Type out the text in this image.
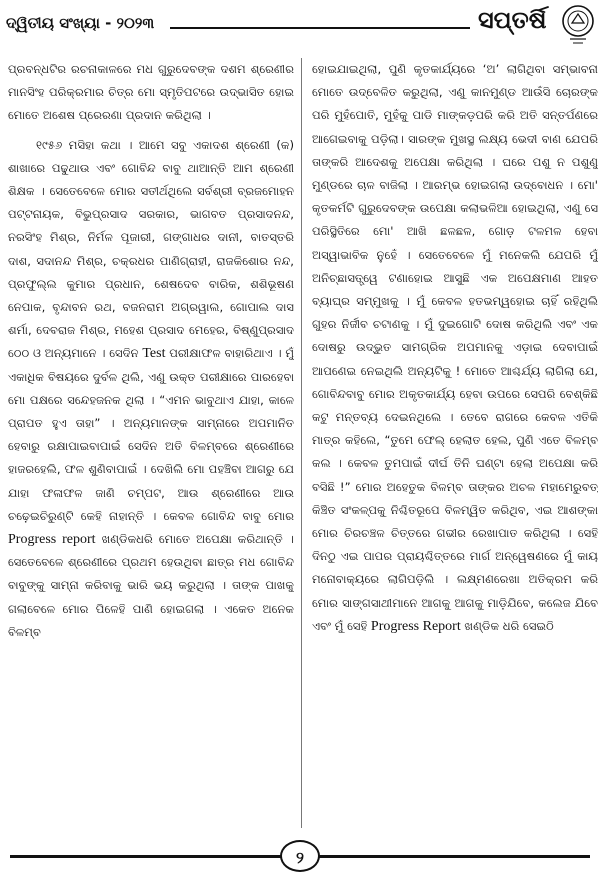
ଦ୍ୱିତୀୟ ସଂଖ୍ୟା - ୨୦୨୩	ସପ୍ତର୍ଷି

ପ୍ରବନ୍ଧଟିର ରଚନାକାଳରେ ମଧ ଗୁରୁଦେବଙ୍କ ଦଶମ ଶ୍ରେଣୀର ମାନସିଂହ ପରିକ୍ରମାର ଚିତ୍ର ମୋ ସ୍ମୃତିପଟରେ ଉଦ୍‌ଭାସିତ ହୋଇ ମୋତେ ଅଶେଷ ପ୍ରେରଣା ପ୍ରଦାନ କରିଥିଲା ।

୧୯୫୬ ମସିହା କଥା । ଆମେ ସବୁ ଏକାଦଶ ଶ୍ରେଣୀ (କ) ଶାଖାରେ ପଢୁଥାଉ ଏବଂ ଗୋବିନ୍ଦ ବାବୁ ଥାଆନ୍ତି ଆମ ଶ୍ରେଣୀ ଶିକ୍ଷକ । ସେତେବେଳେ ମୋର ସତୀର୍ଥଥିଲେ ସର୍ବଶ୍ରୀ ବ୍ରଜମୋହନ ପଟ୍ଟନାୟକ, ବିଭୁପ୍ରସାଦ ସରକାର, ଭାଗବତ ପ୍ରସାଦନନ୍ଦ, ନରସିଂହ ମିଶ୍ର, ନିର୍ମଳ ପୂଜାରୀ, ଗଙ୍ଗାଧର ଦାନୀ, ବାତସ୍ତରି ଦାଶ, ସଦାନନ୍ଦ ମିଶ୍ର, ଚକ୍ରଧର ପାଣିଗ୍ରାହୀ, ରାଜକିଶୋର ନନ୍ଦ, ପ୍ରଫୁଲ୍ଲ କୁମାର ପ୍ରଧାନ, ଶେଷଦେବ ବାରିକ, ଶଶିଭୂଷଣ ନେପାକ, ବୃନ୍ଦାବନ ରଥ, ବଜନରାମ ଅଗ୍ରୱାଲ, ଗୋପାଲ ଦାସ ଶର୍ମା, ଦେବରାଜ ମିଶ୍ର, ମହେଶ ପ୍ରସାଦ ମେହେର, ବିଷ୍ଣୁପ୍ରସାଦ ଠେଠ ଓ ଅନ୍ୟମାନେ । ସେଦିନ Test ପରୀକ୍ଷାଫଳ ବାହାରିଥାଏ । ମୁଁ ଏକାଧିକ ବିଷୟରେ ଦୁର୍ବଳ ଥିଲି, ଏଣୁ ଉକ୍ତ ପରୀକ୍ଷାରେ ପାରହେବା ମୋ ପକ୍ଷରେ ସନ୍ଦେହଜନକ ଥିଲା । “ଏମନ ଭାବୁଥାଏ ଯାହା, କାଳେ ପ୍ରାପତ ହୁଏ ତାହା” । ଅନ୍ୟମାନଙ୍କ ସାମ୍ନାରେ ଅପମାନିତ ହେବାରୁ ରକ୍ଷାପାଇବାପାଇଁ ସେଦିନ ଅତି ବିଳମ୍ବରେ ଶ୍ରେଣୀରେ ହାଜରହେଲି, ଫଳ ଶୁଣିବାପାଇଁ । ଦେଖିଲି ମୋ ପହଞ୍ଚିବା ଆଗରୁ ଯେ ଯାହା ଫଳାଫଳ ଜାଣି ଚମ୍ପଟ, ଆଉ ଶ୍ରେଣୀରେ ଆଉ ଚଢ଼େଇଚିରୁଣ୍ଟି କେହି ନାହାନ୍ତି । କେବଳ ଗୋବିନ୍ଦ ବାବୁ ମୋର Progress report ଖଣ୍ଡିକଧରି ମୋତେ ଅପେକ୍ଷା କରିଥାନ୍ତି । ସେତେବେଳେ ଶ୍ରେଣୀରେ ପ୍ରଥମ ହେଉଥିବା ଛାତ୍ର ମଧ ଗୋବିନ୍ଦ ବାବୁଙ୍କୁ ସାମ୍ନା କରିବାକୁ ଭାରି ଭୟ କରୁଥିଲା । ତାଙ୍କ ପାଖକୁ ଗଲାବେଳେ ମୋର ପିଳେହି ପାଣି ହୋଇଗଲା । ଏକେତ ଅନେକ ବିଳମ୍ବ

ହୋଇଯାଇଥିଲା, ପୁଣି କୃତକାର୍ଯ୍ୟରେ ‘ଅ’ ଲାଗିଥିବା ସମ୍ଭାବନା ମୋତେ ଉଦ୍‌ବେଳିତ କରୁଥିଲା, ଏଣୁ କାନମୁଣ୍ଡ ଆଉଁସି ଚୋରଙ୍କ ପରି ମୁହଁପୋତି, ମୁହଁକୁ ପାଡି ମାଙ୍କଡ଼ପରି କରି ଅତି ସନ୍ତର୍ପଣରେ ଆଗେଇବାକୁ ପଡ଼ିଲା। ସାରଙ୍କ ମୁଖସ୍ଥ ଲକ୍ଷ୍ୟ ଭେଦୀ ବାଣ ଯେପରି ତାଙ୍କରି ଆଦେଶକୁ ଅପେକ୍ଷା କରିଥିଲା । ଘରେ ପଶୁ ନ ପଶୁଣୁ ମୁଣ୍ଡରେ ଚାଳ ବାଜିଲା । ଆରମ୍ଭ ହୋଇଗଲା ଉଦ୍‌ବୋଧନ । ମୋ' କୃତକର୍ମଟି ଗୁରୁଦେବଙ୍କ ଉପେକ୍ଷା କଲାଭଳିଆ ହୋଇଥିଲା, ଏଣୁ ସେ ପରିସ୍ଥିତିରେ ମୋ' ଆଖି ଛଳଛଳ, ଗୋଡ଼ ଟଳମଳ ହେବା ଅସ୍ୱାଭାବିକ ନୁହେଁ । ସେତେବେଳେ ମୁଁ ମନେକଲି ଯେପରି ମୁଁ ଅନିଚ୍ଛାସତ୍ତ୍ୱେ ଟଣାହୋଇ ଆସୁଛି ଏକ ଅପେକ୍ଷମାଣ ଆହତ ବ୍ୟାଘ୍ର ସମ୍ମୁଖକୁ । ମୁଁ କେବଳ ହତଭମ୍ୱହୋଇ ଚାହିଁ ରହିଥିଲି ଗୁହର ନିର୍ଜୀବ ଚଟାଣକୁ । ମୁଁ ଦୁଇଗୋଟି ଦୋଷ କରିଥିଲି ଏବଂ ଏକ ଦୋଷରୁ ଉଦ୍ଭୁତ ସାମଗ୍ରିକ ଅପମାନକୁ ଏଡ଼ାଇ ଦେବାପାଇଁ ଆପଣେଇ ନେଇଥିଲି ଅନ୍ୟଟିକୁ ! ମୋତେ ଆଶ୍ଚର୍ଯ୍ୟ ଲାଗିଲା ଯେ, ଗୋବିନ୍ଦବାବୁ ମୋର ଅକୃତକାର୍ଯ୍ୟ ହେବା ଉପରେ ସେପରି ବେଶ୍‌କିଛି କଟୁ ମନ୍ତବ୍ୟ ଦେଇନଥିଲେ । ତେବେ ରାଗରେ କେବଳ ଏତିକି ମାତ୍ର କହିଲେ, “ତୁମେ ଫେଲ୍ ହେଲାତ ହେଲ, ପୁଣି ଏତେ ବିଳମ୍ବ କଲ । କେବଳ ତୁମପାଇଁ ଦୀର୍ଘ ତିନି ଘଣ୍ଟା ହେଲା ଅପେକ୍ଷା କରି ବସିଛି !” ମୋର ଅହେତୁକ ବିଳମ୍ବ ତାଙ୍କର ଅଚଳ ମହାମେରୁବତ୍ କିଞ୍ଚିତ ସଂକଳ୍ପକୁ ନିଶ୍ଚିତରୂପେ ବିଳମ୍ୱିତ କରିଥିବ, ଏଇ ଆଶଙ୍କା ମୋର ଚିରଚଞ୍ଚଳ ଚିତ୍ତରେ ଗଭୀର ରେଖାପାତ କରିଥିଲା । ସେହି ଦିନଠୁ ଏଇ ପାପର ପ୍ରାୟଶ୍ଚିତ୍ତରେ ମାର୍ଗ ଅନ୍ୱେଷଣରେ ମୁଁ କାୟ ମନୋବାକ୍ୟରେ ଲାଗିପଡ଼ିଲି । ଲକ୍ଷ୍ମଣରେଖା ଅତିକ୍ରମ କରି ମୋର ସାଙ୍ଗସାଥୀମାନେ ଆଗକୁ ଆଗକୁ ମାଡ଼ିଯିବେ, କଲେଜ ଯିବେ ଏବଂ ମୁଁ ସେହି Progress Report ଖଣ୍ଡିକ ଧରି ସେଇଠି

୨
